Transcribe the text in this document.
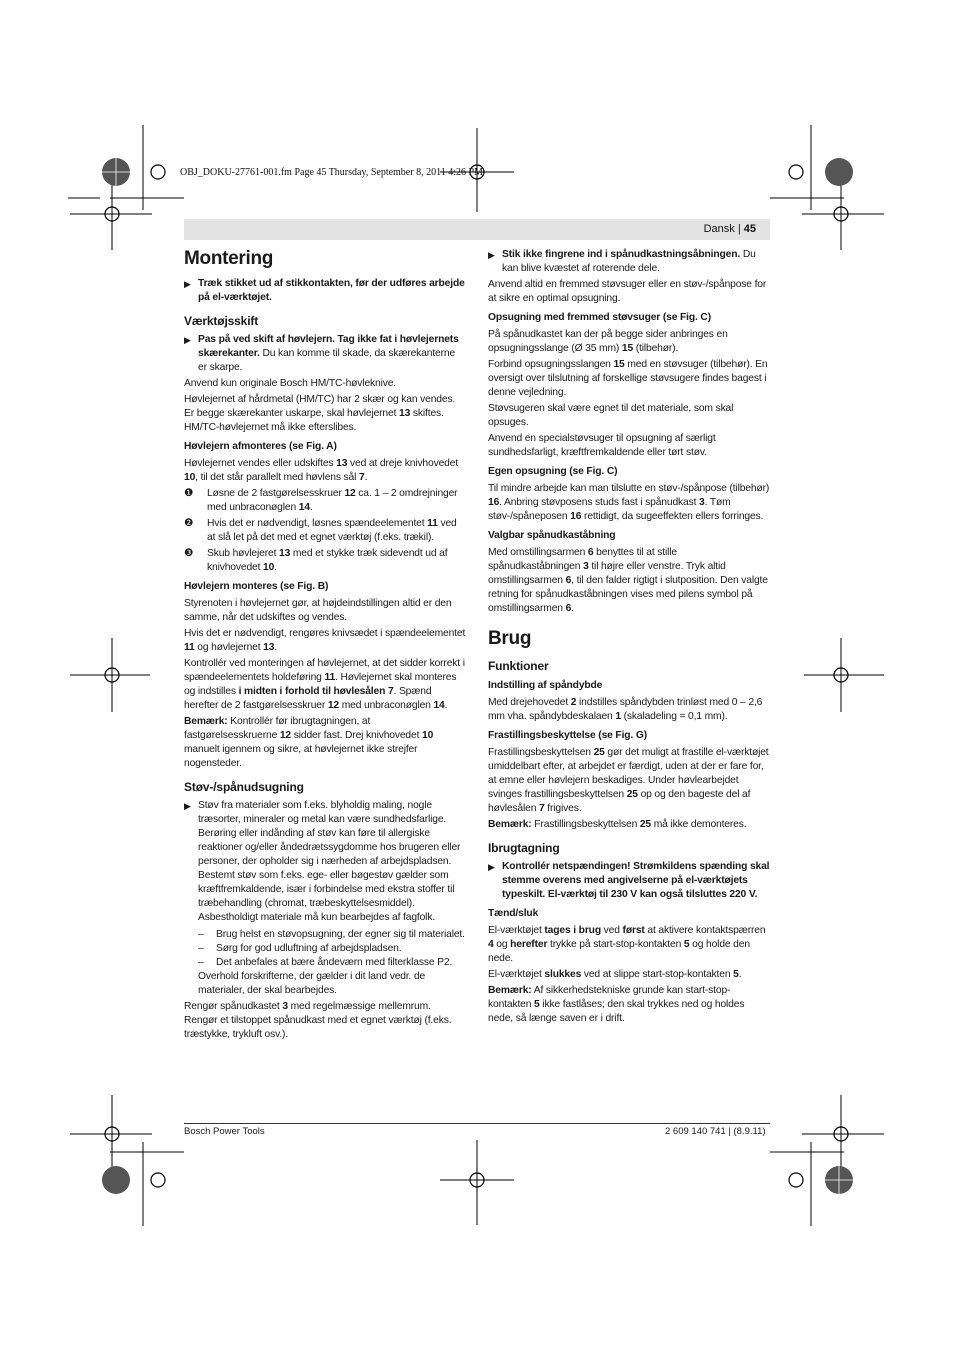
OBJ_DOKU-27761-001.fm Page 45 Thursday, September 8, 2011 4:26 PM
Dansk | 45
Montering
▶ Træk stikket ud af stikkontakten, før der udføres arbejde på el-værktøjet.
Værktøjsskift
▶ Pas på ved skift af høvlejern. Tag ikke fat i høvlejernets skærekanter. Du kan komme til skade, da skærekanterne er skarpe.

Anvend kun originale Bosch HM/TC-høvleknive.

Høvlejernet af hårdmetal (HM/TC) har 2 skær og kan vendes. Er begge skærekanter uskarpe, skal høvlejernet 13 skiftes. HM/TC-høvlejernet må ikke efterslibes.

Høvlejern afmonteres (se Fig. A)

Høvlejernet vendes eller udskiftes 13 ved at dreje knivhovedet 10, til det står parallelt med høvlens sål 7.

❶ Løsne de 2 fastgørelsesskruer 12 ca. 1 – 2 omdrejninger med unbraconøglen 14.
❷ Hvis det er nødvendigt, løsnes spændeelementet 11 ved at slå let på det med et egnet værktøj (f.eks. trækil).
❸ Skub høvlejeret 13 med et stykke træk sidevendt ud af knivhovedet 10.
Høvlejern monteres (se Fig. B)

Styrenoten i høvlejernet gør, at højdeindstillingen altid er den samme, når det udskiftes og vendes.

Hvis det er nødvendigt, rengøres knivsædet i spændeelementet 11 og høvlejernet 13.

Kontrollér ved monteringen af høvlejernet, at det sidder korrekt i spændeelementets holdeføring 11. Høvlejernet skal monteres og indstilles i midten i forhold til høvlesålen 7. Spænd herefter de 2 fastgørelsesskruer 12 med unbraconøglen 14.

Bemærk: Kontrollér før ibrugtagningen, at fastgørelsesskruerne 12 sidder fast. Drej knivhovedet 10 manuelt igennem og sikre, at høvlejernet ikke strejfer nogensteder.

Støv-/spånudsugning
▶ Støv fra materialer som f.eks. blyholdig maling, nogle træsorter, mineraler og metal kan være sundhedsfarlige. Berøring eller indånding af støv kan føre til allergiske reaktioner og/eller åndedrætssygdomme hos brugeren eller personer, der opholder sig i nærheden af arbejdspladsen. Bestemt støv som f.eks. ege- eller bøgestøv gælder som kræftfremkaldende, især i forbindelse med ekstra stoffer til træbehandling (chromat, træbeskyttelsesmiddel). Asbestholdigt materiale må kun bearbejdes af fagfolk.
– Brug helst en støvopsugning, der egner sig til materialet.
– Sørg for god udluftning af arbejdspladsen.
– Det anbefales at bære åndeværn med filterklasse P2.

Overhold forskrifterne, der gælder i dit land vedr. de materialer, der skal bearbejdes.

Rengør spånudkastet 3 med regelmæssige mellemrum. Rengør et tilstoppet spånudkast med et egnet værktøj (f.eks. træstykke, trykluft osv.).

▶ Stik ikke fingrene ind i spånudkastningsåbningen. Du kan blive kvæstet af roterende dele.

Anvend altid en fremmed støvsuger eller en støv-/spånpose for at sikre en optimal opsugning.

Opsugning med fremmed støvsuger (se Fig. C)

På spånudkastet kan der på begge sider anbringes en opsugningsslange (Ø 35 mm) 15 (tilbehør).

Forbind opsugningsslangen 15 med en støvsuger (tilbehør). En oversigt over tilslutning af forskellige støvsugere findes bagest i denne vejledning.

Støvsugeren skal være egnet til det materiale, som skal opsuges.

Anvend en specialstøvsuger til opsugning af særligt sundhedsfarligt, kræftfremkaldende eller tørt støv.

Egen opsugning (se Fig. C)

Til mindre arbejde kan man tilslutte en støv-/spånpose (tilbehør) 16. Anbring støvposens studs fast i spånudkast 3. Tøm støv-/spåneposen 16 rettidigt, da sugeeffekten ellers forringes.

Valgbar spånudkaståbning

Med omstillingsarmen 6 benyttes til at stille spånudkaståbningen 3 til højre eller venstre. Tryk altid omstillingsarmen 6, til den falder rigtigt i slutposition. Den valgte retning for spånudkaståbningen vises med pilens symbol på omstillingsarmen 6.

Brug
Funktioner
Indstilling af spåndybde

Med drejehovedet 2 indstilles spåndybden trinløst med 0 – 2,6 mm vha. spåndybdeskalaen 1 (skaladeling = 0,1 mm).

Frastillingsbeskyttelse (se Fig. G)

Frastillingsbeskyttelsen 25 gør det muligt at frastille el-værktøjet umiddelbart efter, at arbejdet er færdigt, uden at der er fare for, at emne eller høvlejern beskadiges. Under høvlearbejdet svinges frastillingsbeskyttelsen 25 op og den bageste del af høvlesålen 7 frigives.

Bemærk: Frastillingsbeskyttelsen 25 må ikke demonteres.

Ibrugtagning
▶ Kontrollér netspændingen! Strømkildens spænding skal stemme overens med angivelserne på el-værktøjets typeskilt. El-værktøj til 230 V kan også tilsluttes 220 V.
Tænd/sluk

El-værktøjet tages i brug ved først at aktivere kontaktspærren 4 og herefter trykke på start-stop-kontakten 5 og holde den nede.

El-værktøjet slukkes ved at slippe start-stop-kontakten 5.

Bemærk: Af sikkerhedstekniske grunde kan start-stop-kontakten 5 ikke fastlåses; den skal trykkes ned og holdes nede, så længe saven er i drift.

Bosch Power Tools	2 609 140 741 | (8.9.11)
